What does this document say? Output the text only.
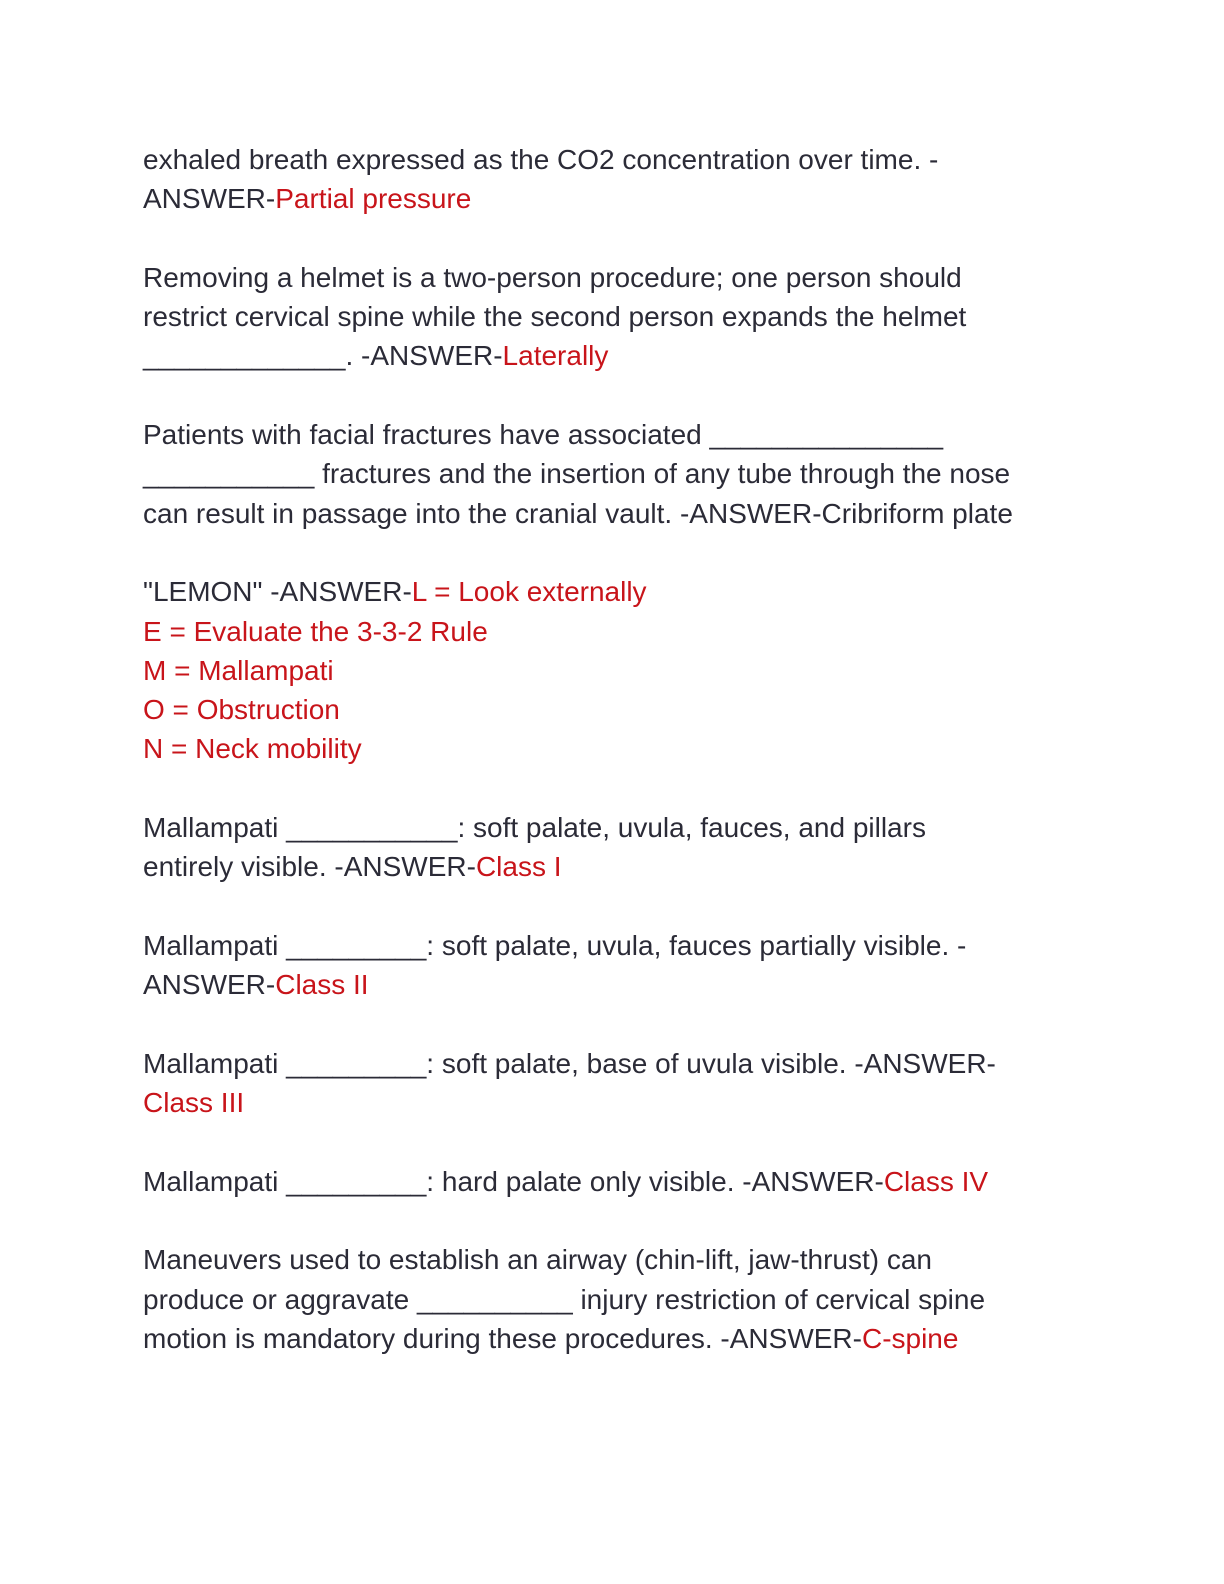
exhaled breath expressed as the CO2 concentration over time. -
ANSWER-Partial pressure
Removing a helmet is a two-person procedure; one person should
restrict cervical spine while the second person expands the helmet
_____________. -ANSWER-Laterally
Patients with facial fractures have associated _______________
___________ fractures and the insertion of any tube through the nose
can result in passage into the cranial vault. -ANSWER-Cribriform plate
"LEMON" -ANSWER-L = Look externally
E = Evaluate the 3-3-2 Rule
M = Mallampati
O = Obstruction
N = Neck mobility
Mallampati ___________: soft palate, uvula, fauces, and pillars
entirely visible. -ANSWER-Class I
Mallampati _________: soft palate, uvula, fauces partially visible. -
ANSWER-Class II
Mallampati _________: soft palate, base of uvula visible. -ANSWER-
Class III
Mallampati _________: hard palate only visible. -ANSWER-Class IV
Maneuvers used to establish an airway (chin-lift, jaw-thrust) can
produce or aggravate __________ injury restriction of cervical spine
motion is mandatory during these procedures. -ANSWER-C-spine
